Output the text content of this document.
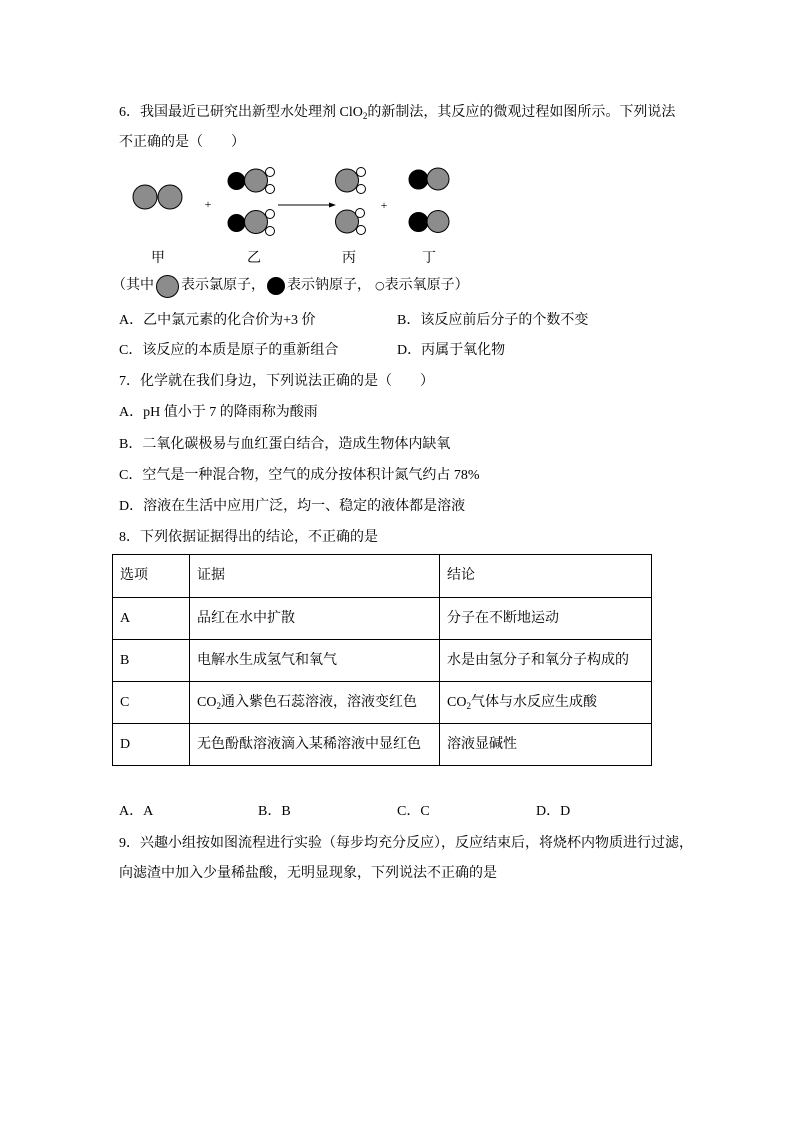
6．我国最近已研究出新型水处理剂 ClO$_2$的新制法，其反应的微观过程如图所示。下列说法
不正确的是（　　）
+	+
甲	乙	丙	丁
（其中 表示氯原子， 表示钠原子， ○ 表示氧原子）
A．乙中氯元素的化合价为+3 价	B．该反应前后分子的个数不变
C．该反应的本质是原子的重新组合	D．丙属于氧化物
7．化学就在我们身边，下列说法正确的是（　　）
A．pH 值小于 7 的降雨称为酸雨
B．二氧化碳极易与血红蛋白结合，造成生物体内缺氧
C．空气是一种混合物，空气的成分按体积计氮气约占 78%
D．溶液在生活中应用广泛，均一、稳定的液体都是溶液
8．下列依据证据得出的结论，不正确的是
选项	证据	结论
A	品红在水中扩散	分子在不断地运动
B	电解水生成氢气和氧气	水是由氢分子和氧分子构成的
C	$CO_2$通入紫色石蕊溶液，溶液变红色	$CO_2$气体与水反应生成酸
D	无色酚酞溶液滴入某稀溶液中显红色	溶液显碱性
A．A	B．B	C．C	D．D
9．兴趣小组按如图流程进行实验（每步均充分反应），反应结束后，将烧杯内物质进行过滤，
向滤渣中加入少量稀盐酸，无明显现象，下列说法不正确的是
